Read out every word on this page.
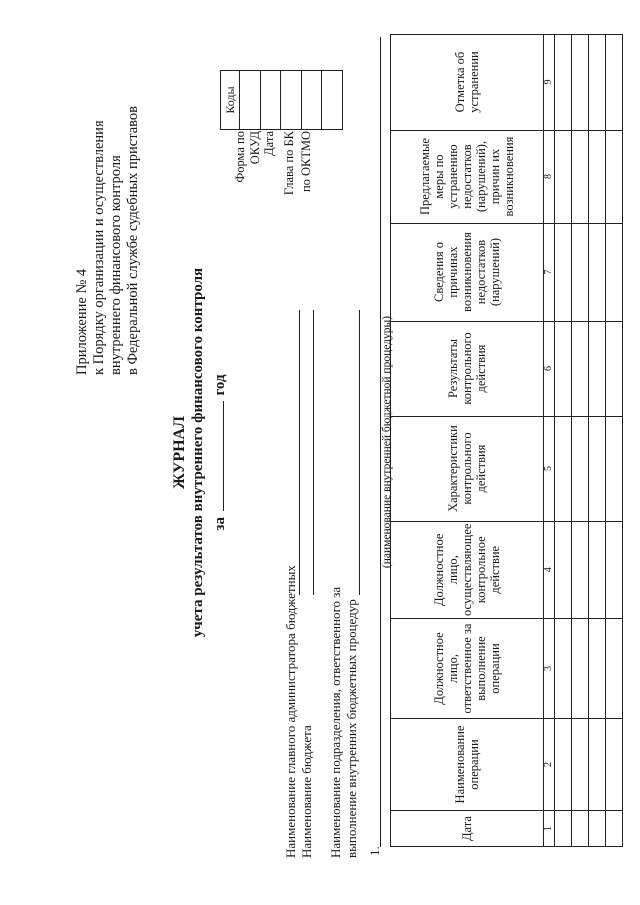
Приложение № 4 к Порядку организации и осуществления внутреннего финансового контроля в Федеральной службе судебных приставов
ЖУРНАЛ учета результатов внутреннего финансового контроля за  год
Наименование главного администратора бюджетных Наименование бюджета Наименование подразделения, ответственного за выполнение внутренних бюджетных процедур
Коды

Форма по ОКУД Дата Глава по БК по ОКТМО
1.
(наименование внутренней бюджетной процедуры)
Дата	Наименование операции	Должностное лицо, ответственное за выполнение операции	Должностное лицо, осуществляющее контрольное действие	Характеристики контрольного действия	Результаты контрольного действия	Сведения о причинах возникновения недостатков (нарушений)	Предлагаемые меры по устранению недостатков (нарушений), причин их возникновения	Отметка об устранении
1	2	3	4	5	6	7	8	9
